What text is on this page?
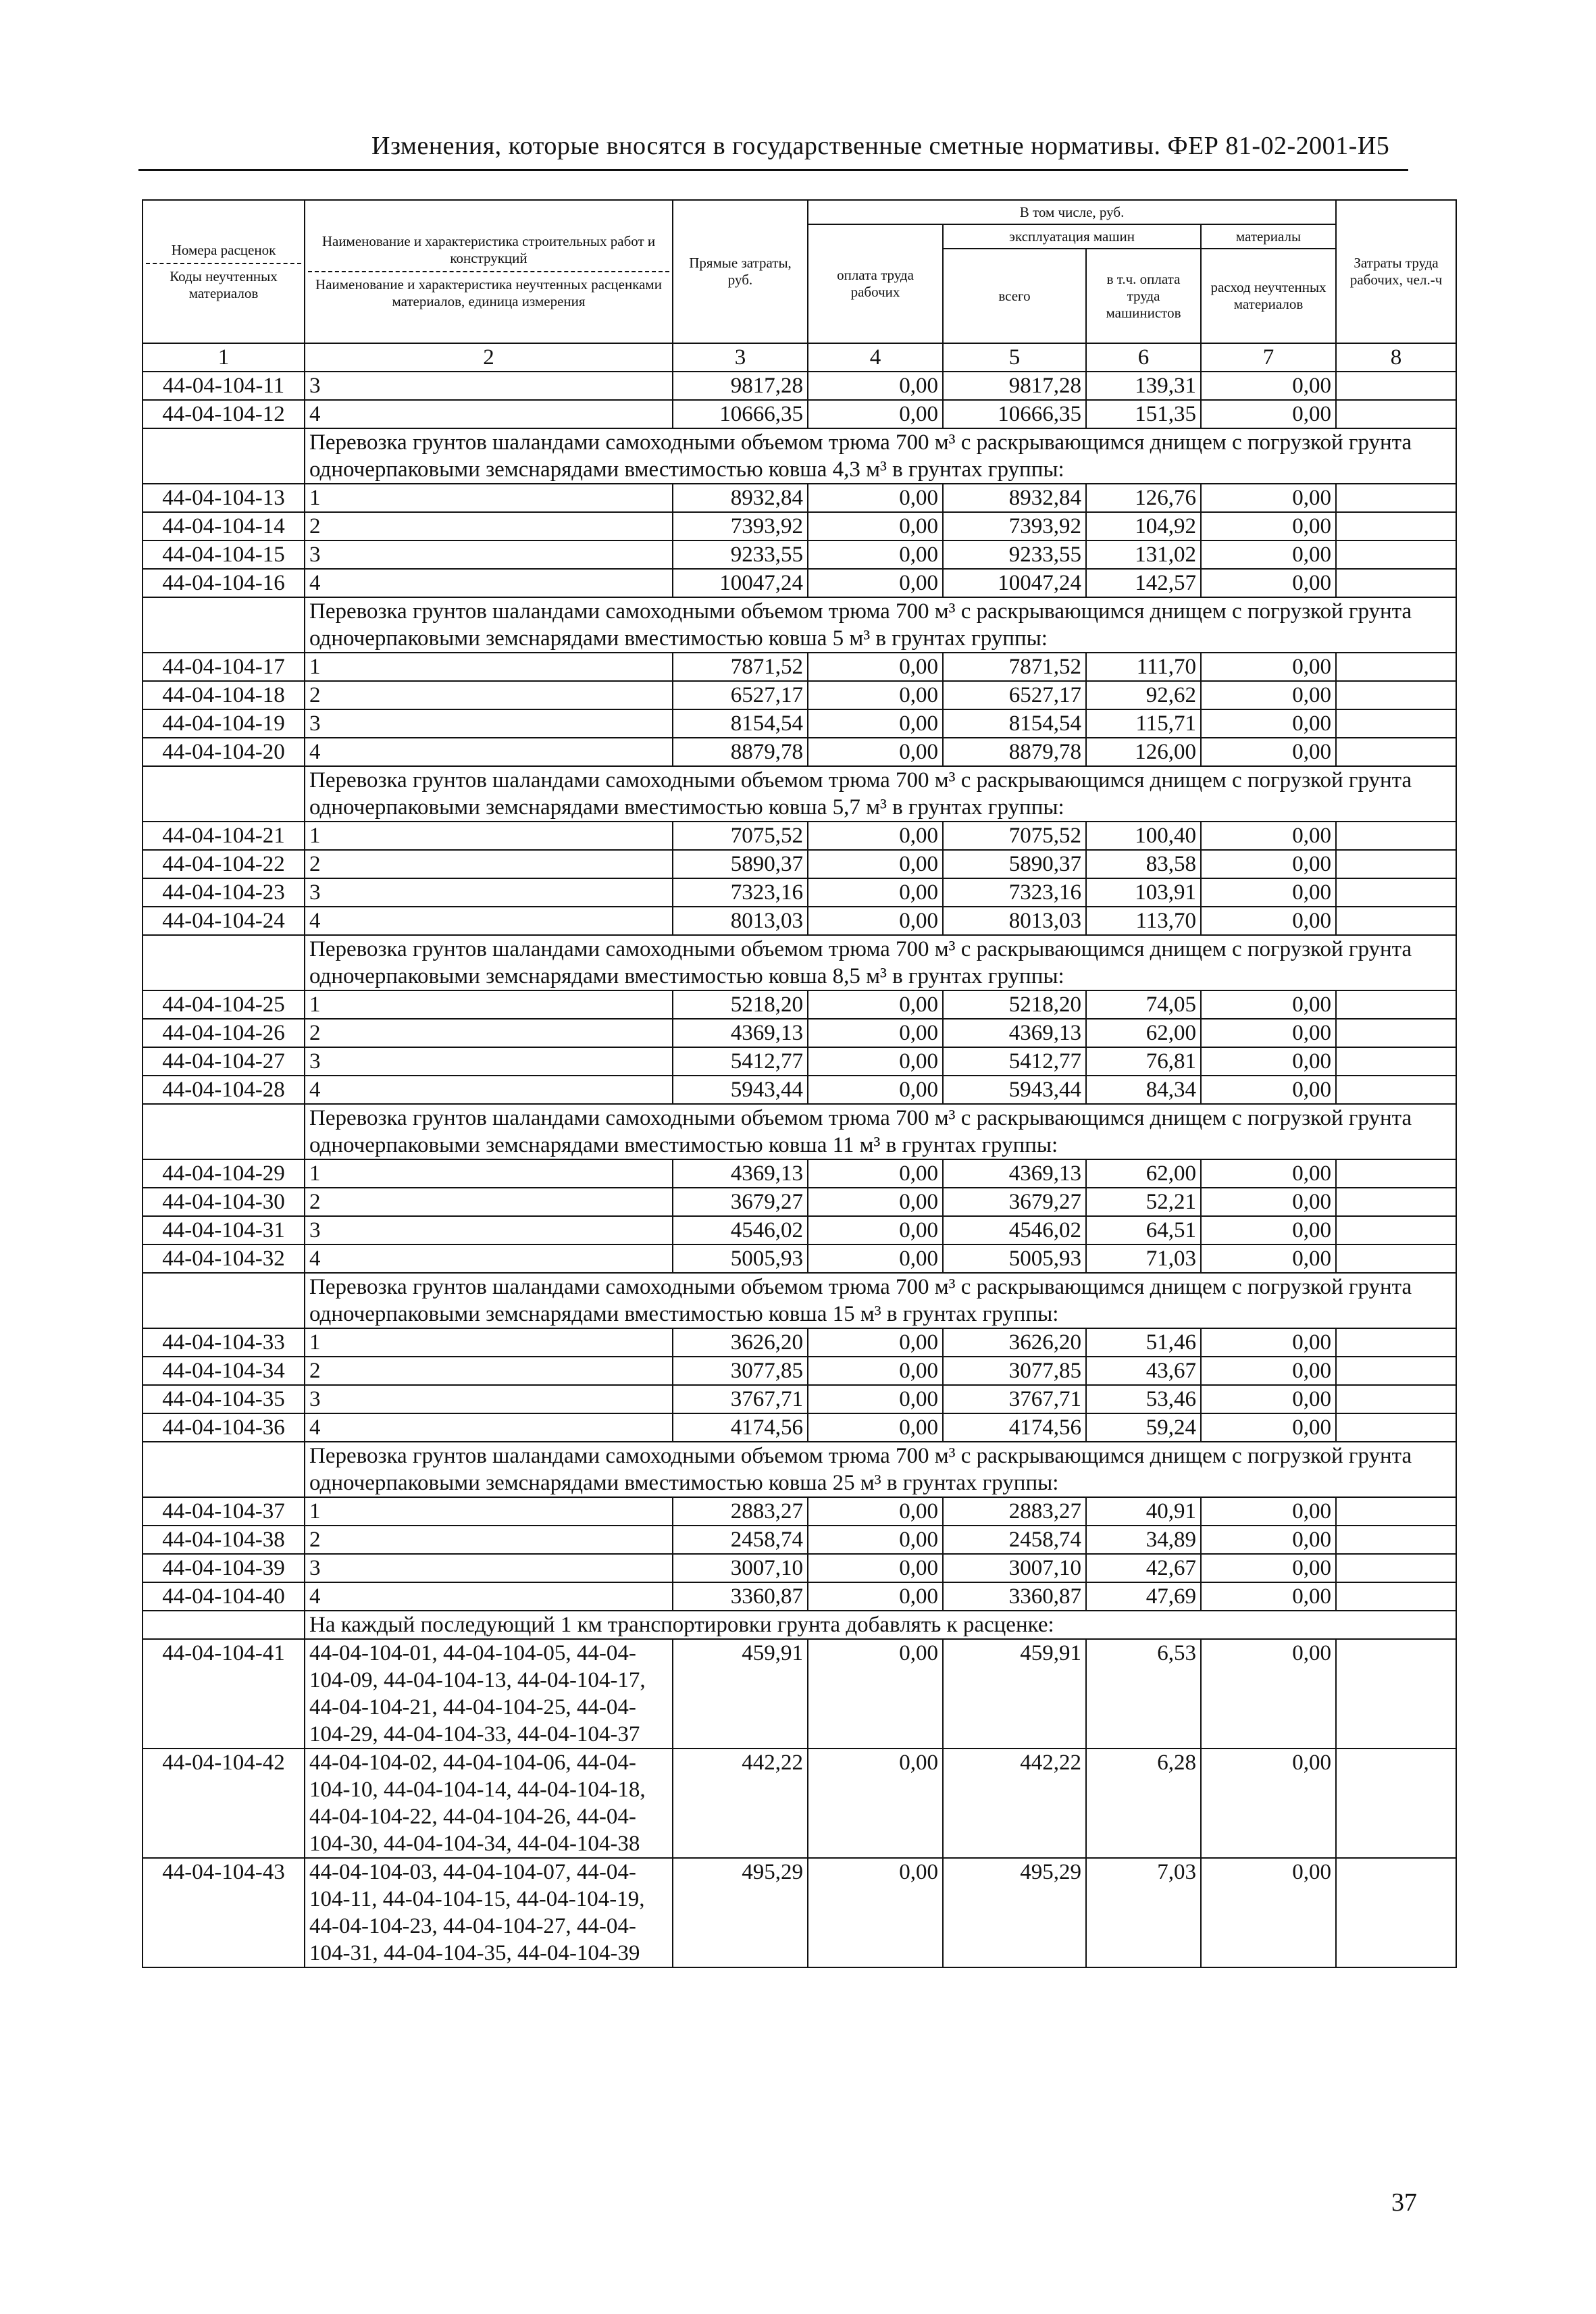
Изменения, которые вносятся в государственные сметные нормативы. ФЕР 81-02-2001-И5
Номера расценок
Коды неучтенных материалов	Наименование и характеристика строительных работ и конструкций
Наименование и характеристика неучтенных расценками материалов, единица измерения	Прямые затраты, руб.	В том числе, руб.				Затраты труда рабочих, чел.-ч
			оплата труда рабочих	эксплуатация машин		материалы	
				всего	в т.ч. оплата труда машинистов	расход неучтенных материалов	
1	2	3	4	5	6	7	8
44-04-104-11	3	9817,28	0,00	9817,28	139,31	0,00	
44-04-104-12	4	10666,35	0,00	10666,35	151,35	0,00	
	Перевозка грунтов шаландами самоходными объемом трюма 700 м³ с раскрывающимся днищем с погрузкой грунта одночерпаковыми земснарядами вместимостью ковша 4,3 м³ в грунтах группы:						
44-04-104-13	1	8932,84	0,00	8932,84	126,76	0,00	
44-04-104-14	2	7393,92	0,00	7393,92	104,92	0,00	
44-04-104-15	3	9233,55	0,00	9233,55	131,02	0,00	
44-04-104-16	4	10047,24	0,00	10047,24	142,57	0,00	
	Перевозка грунтов шаландами самоходными объемом трюма 700 м³ с раскрывающимся днищем с погрузкой грунта одночерпаковыми земснарядами вместимостью ковша 5 м³ в грунтах группы:						
44-04-104-17	1	7871,52	0,00	7871,52	111,70	0,00	
44-04-104-18	2	6527,17	0,00	6527,17	92,62	0,00	
44-04-104-19	3	8154,54	0,00	8154,54	115,71	0,00	
44-04-104-20	4	8879,78	0,00	8879,78	126,00	0,00	
	Перевозка грунтов шаландами самоходными объемом трюма 700 м³ с раскрывающимся днищем с погрузкой грунта одночерпаковыми земснарядами вместимостью ковша 5,7 м³ в грунтах группы:						
44-04-104-21	1	7075,52	0,00	7075,52	100,40	0,00	
44-04-104-22	2	5890,37	0,00	5890,37	83,58	0,00	
44-04-104-23	3	7323,16	0,00	7323,16	103,91	0,00	
44-04-104-24	4	8013,03	0,00	8013,03	113,70	0,00	
	Перевозка грунтов шаландами самоходными объемом трюма 700 м³ с раскрывающимся днищем с погрузкой грунта одночерпаковыми земснарядами вместимостью ковша 8,5 м³ в грунтах группы:						
44-04-104-25	1	5218,20	0,00	5218,20	74,05	0,00	
44-04-104-26	2	4369,13	0,00	4369,13	62,00	0,00	
44-04-104-27	3	5412,77	0,00	5412,77	76,81	0,00	
44-04-104-28	4	5943,44	0,00	5943,44	84,34	0,00	
	Перевозка грунтов шаландами самоходными объемом трюма 700 м³ с раскрывающимся днищем с погрузкой грунта одночерпаковыми земснарядами вместимостью ковша 11 м³ в грунтах группы:						
44-04-104-29	1	4369,13	0,00	4369,13	62,00	0,00	
44-04-104-30	2	3679,27	0,00	3679,27	52,21	0,00	
44-04-104-31	3	4546,02	0,00	4546,02	64,51	0,00	
44-04-104-32	4	5005,93	0,00	5005,93	71,03	0,00	
	Перевозка грунтов шаландами самоходными объемом трюма 700 м³ с раскрывающимся днищем с погрузкой грунта одночерпаковыми земснарядами вместимостью ковша 15 м³ в грунтах группы:						
44-04-104-33	1	3626,20	0,00	3626,20	51,46	0,00	
44-04-104-34	2	3077,85	0,00	3077,85	43,67	0,00	
44-04-104-35	3	3767,71	0,00	3767,71	53,46	0,00	
44-04-104-36	4	4174,56	0,00	4174,56	59,24	0,00	
	Перевозка грунтов шаландами самоходными объемом трюма 700 м³ с раскрывающимся днищем с погрузкой грунта одночерпаковыми земснарядами вместимостью ковша 25 м³ в грунтах группы:						
44-04-104-37	1	2883,27	0,00	2883,27	40,91	0,00	
44-04-104-38	2	2458,74	0,00	2458,74	34,89	0,00	
44-04-104-39	3	3007,10	0,00	3007,10	42,67	0,00	
44-04-104-40	4	3360,87	0,00	3360,87	47,69	0,00	
	На каждый последующий 1 км транспортировки грунта добавлять к расценке:						
44-04-104-41	44-04-104-01, 44-04-104-05, 44-04-104-09, 44-04-104-13, 44-04-104-17, 44-04-104-21, 44-04-104-25, 44-04-104-29, 44-04-104-33, 44-04-104-37	459,91	0,00	459,91	6,53	0,00	
44-04-104-42	44-04-104-02, 44-04-104-06, 44-04-104-10, 44-04-104-14, 44-04-104-18, 44-04-104-22, 44-04-104-26, 44-04-104-30, 44-04-104-34, 44-04-104-38	442,22	0,00	442,22	6,28	0,00	
44-04-104-43	44-04-104-03, 44-04-104-07, 44-04-104-11, 44-04-104-15, 44-04-104-19, 44-04-104-23, 44-04-104-27, 44-04-104-31, 44-04-104-35, 44-04-104-39	495,29	0,00	495,29	7,03	0,00	
37
